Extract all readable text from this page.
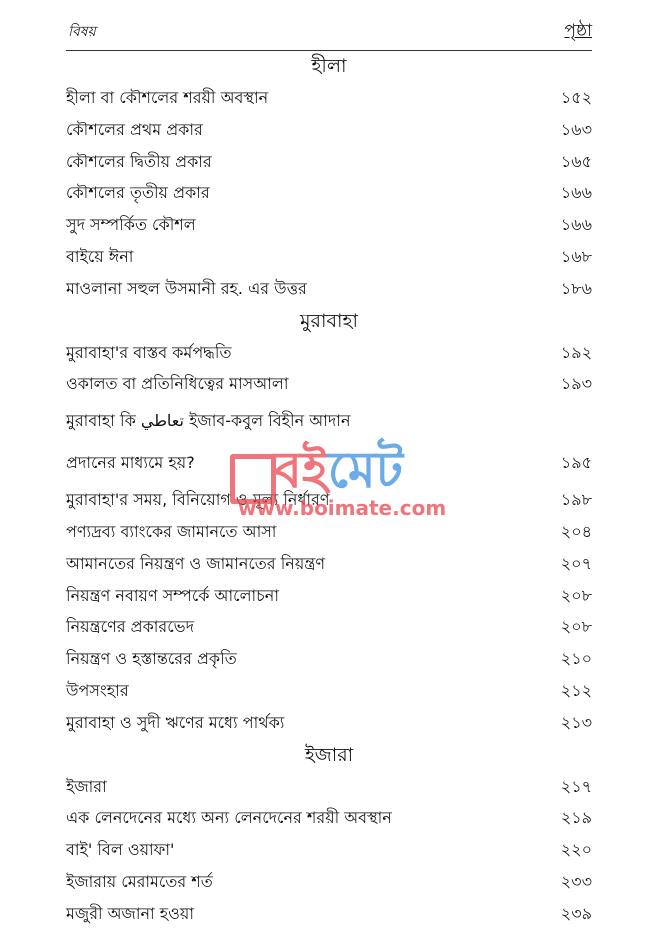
বিষয়	পৃষ্ঠা
হীলা
হীলা বা কৌশলের শরয়ী অবস্থান	১৫২
কৌশলের প্রথম প্রকার	১৬৩
কৌশলের দ্বিতীয় প্রকার	১৬৫
কৌশলের তৃতীয় প্রকার	১৬৬
সুদ সম্পর্কিত কৌশল	১৬৬
বাইয়ে ঈনা	১৬৮
মাওলানা সহুল উসমানী রহ. এর উত্তর	১৮৬
মুরাবাহা
মুরাবাহা'র বাস্তব কর্মপদ্ধতি	১৯২
ওকালত বা প্রতিনিধিত্বের মাসআলা	১৯৩
মুরাবাহা কি تعاطي ইজাব-কবুল বিহীন আদান
প্রদানের মাধ্যমে হয়?	১৯৫
মুরাবাহা'র সময়, বিনিয়োগ ও মূল্য নির্ধারণ	১৯৮
পণ্যদ্রব্য ব্যাংকের জামানতে আসা	২০৪
আমানতের নিয়ন্ত্রণ ও জামানতের নিয়ন্ত্রণ	২০৭
নিয়ন্ত্রণ নবায়ণ সম্পর্কে আলোচনা	২০৮
নিয়ন্ত্রণের প্রকারভেদ	২০৮
নিয়ন্ত্রণ ও হস্তান্তরের প্রকৃতি	২১০
উপসংহার	২১২
মুরাবাহা ও সুদী ঋণের মধ্যে পার্থক্য	২১৩
ইজারা
ইজারা	২১৭
এক লেনদেনের মধ্যে অন্য লেনদেনের শরয়ী অবস্থান	২১৯
বাই' বিল ওয়াফা'	২২০
ইজারায় মেরামতের শর্ত	২৩৩
মজুরী অজানা হওয়া	২৩৯
বইমেট
www.boimate.com
